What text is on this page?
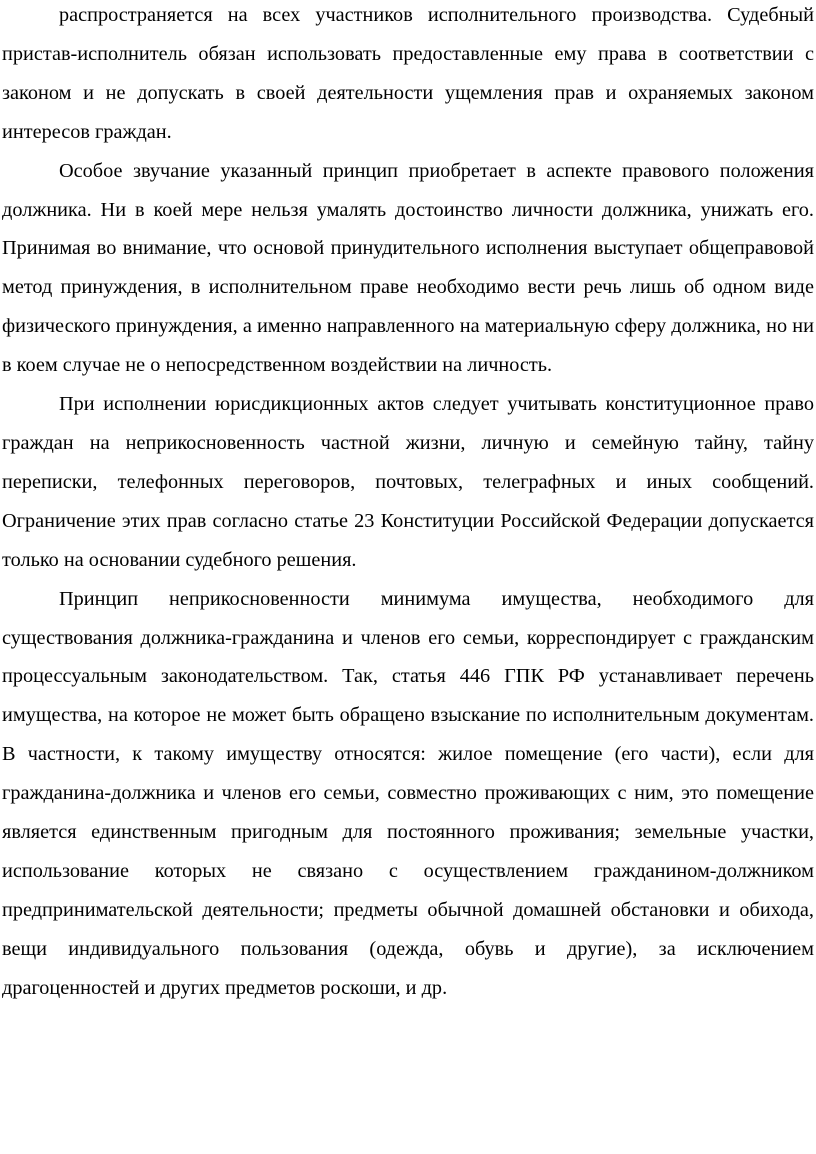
распространяется на всех участников исполнительного производства. Судебный пристав-исполнитель обязан использовать предоставленные ему права в соответствии с законом и не допускать в своей деятельности ущемления прав и охраняемых законом интересов граждан.

Особое звучание указанный принцип приобретает в аспекте правового положения должника. Ни в коей мере нельзя умалять достоинство личности должника, унижать его. Принимая во внимание, что основой принудительного исполнения выступает общеправовой метод принуждения, в исполнительном праве необходимо вести речь лишь об одном виде физического принуждения, а именно направленного на материальную сферу должника, но ни в коем случае не о непосредственном воздействии на личность.

При исполнении юрисдикционных актов следует учитывать конституционное право граждан на неприкосновенность частной жизни, личную и семейную тайну, тайну переписки, телефонных переговоров, почтовых, телеграфных и иных сообщений. Ограничение этих прав согласно статье 23 Конституции Российской Федерации допускается только на основании судебного решения.

Принцип неприкосновенности минимума имущества, необходимого для существования должника-гражданина и членов его семьи, корреспондирует с гражданским процессуальным законодательством. Так, статья 446 ГПК РФ устанавливает перечень имущества, на которое не может быть обращено взыскание по исполнительным документам. В частности, к такому имуществу относятся: жилое помещение (его части), если для гражданина-должника и членов его семьи, совместно проживающих с ним, это помещение является единственным пригодным для постоянного проживания; земельные участки, использование которых не связано с осуществлением гражданином-должником предпринимательской деятельности; предметы обычной домашней обстановки и обихода, вещи индивидуального пользования (одежда, обувь и другие), за исключением драгоценностей и других предметов роскоши, и др.
